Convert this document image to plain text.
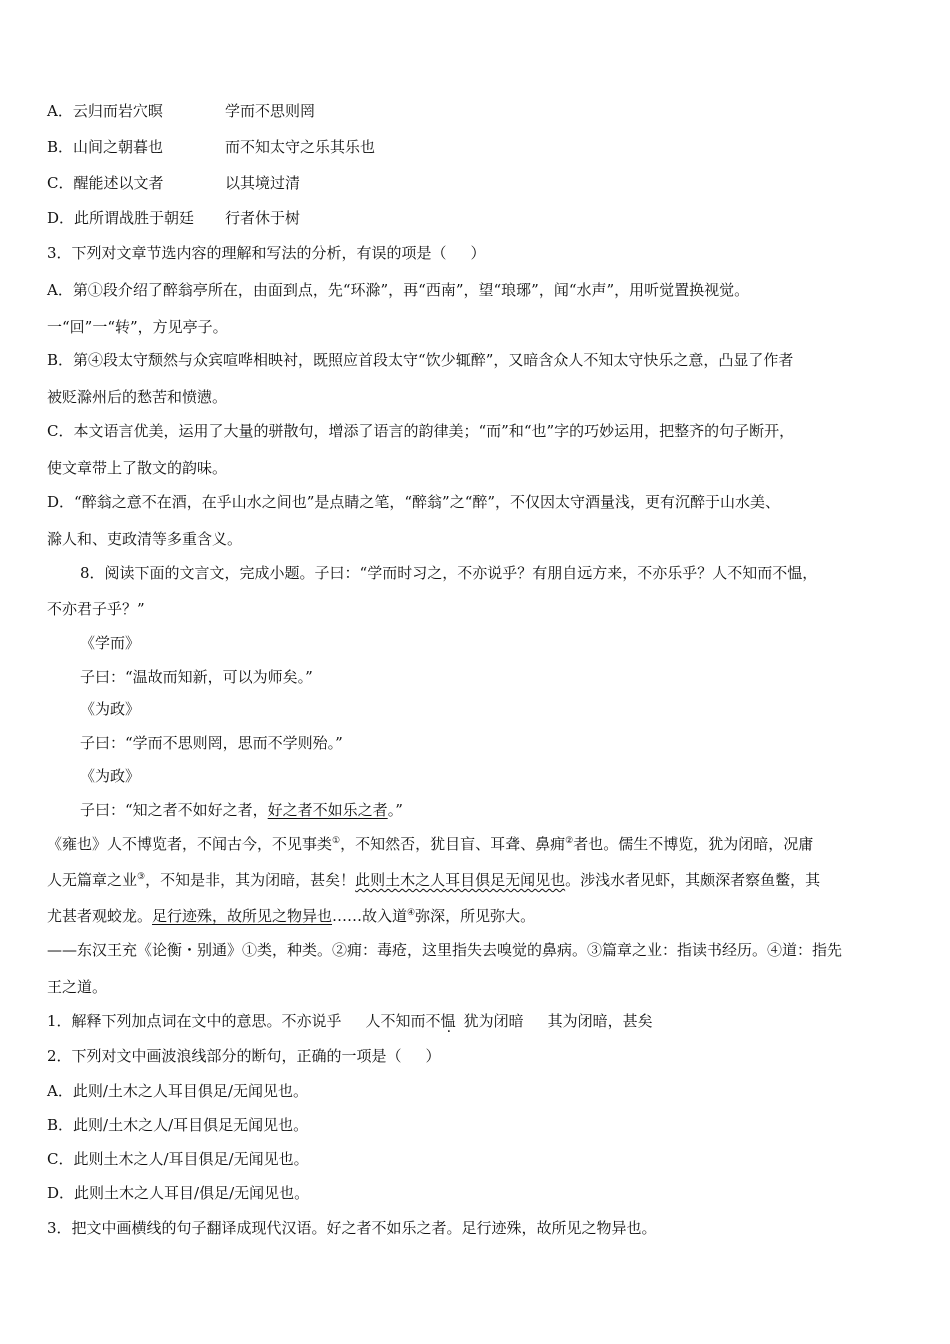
A．云归而岩穴暝	学而不思则罔
B．山间之朝暮也	而不知太守之乐其乐也
C．醒能述以文者	以其境过清
D．此所谓战胜于朝廷 行者休于树
3．下列对文章节选内容的理解和写法的分析，有误的项是（ ）
A．第①段介绍了醉翁亭所在，由面到点，先“环滁”，再“西南”，望“琅琊”，闻“水声”，用听觉置换视觉。
一“回”一“转”，方见亭子。
B．第④段太守颓然与众宾喧哗相映衬，既照应首段太守“饮少辄醉”，又暗含众人不知太守快乐之意，凸显了作者
被贬滁州后的愁苦和愤懑。
C．本文语言优美，运用了大量的骈散句，增添了语言的韵律美；“而”和“也”字的巧妙运用，把整齐的句子断开，
使文章带上了散文的韵味。
D．“醉翁之意不在酒，在乎山水之间也”是点睛之笔，“醉翁”之“醉”，不仅因太守酒量浅，更有沉醉于山水美、
滁人和、吏政清等多重含义。
8．阅读下面的文言文，完成小题。子曰：“学而时习之，不亦说乎？有朋自远方来，不亦乐乎？人不知而不愠，
不亦君子乎？”
《学而》
子曰：“温故而知新，可以为师矣。”
《为政》
子曰：“学而不思则罔，思而不学则殆。”
《为政》
子曰：“知之者不如好之者，好之者不如乐之者。”
《雍也》人不博览者，不闻古今，不见事类①，不知然否，犹目盲、耳聋、鼻痈②者也。儒生不博览，犹为闭暗，况庸
人无篇章之业③，不知是非，其为闭暗，甚矣！此则土木之人耳目俱足无闻见也。涉浅水者见虾，其颇深者察鱼鳖，其
尤甚者观蛟龙。足行迹殊，故所见之物异也……故入道④弥深，所见弥大。
——东汉王充《论衡・别通》①类，种类。②痈：毒疮，这里指失去嗅觉的鼻病。③篇章之业：指读书经历。④道：指先
王之道。
1．解释下列加点词在文中的意思。不亦说乎 人不知而不愠 犹为闭暗 其为闭暗，甚矣
2．下列对文中画波浪线部分的断句，正确的一项是（ ）
A．此则/土木之人耳目俱足/无闻见也。
B．此则/土木之人/耳目俱足无闻见也。
C．此则土木之人/耳目俱足/无闻见也。
D．此则土木之人耳目/俱足/无闻见也。
3．把文中画横线的句子翻译成现代汉语。好之者不如乐之者。足行迹殊，故所见之物异也。
